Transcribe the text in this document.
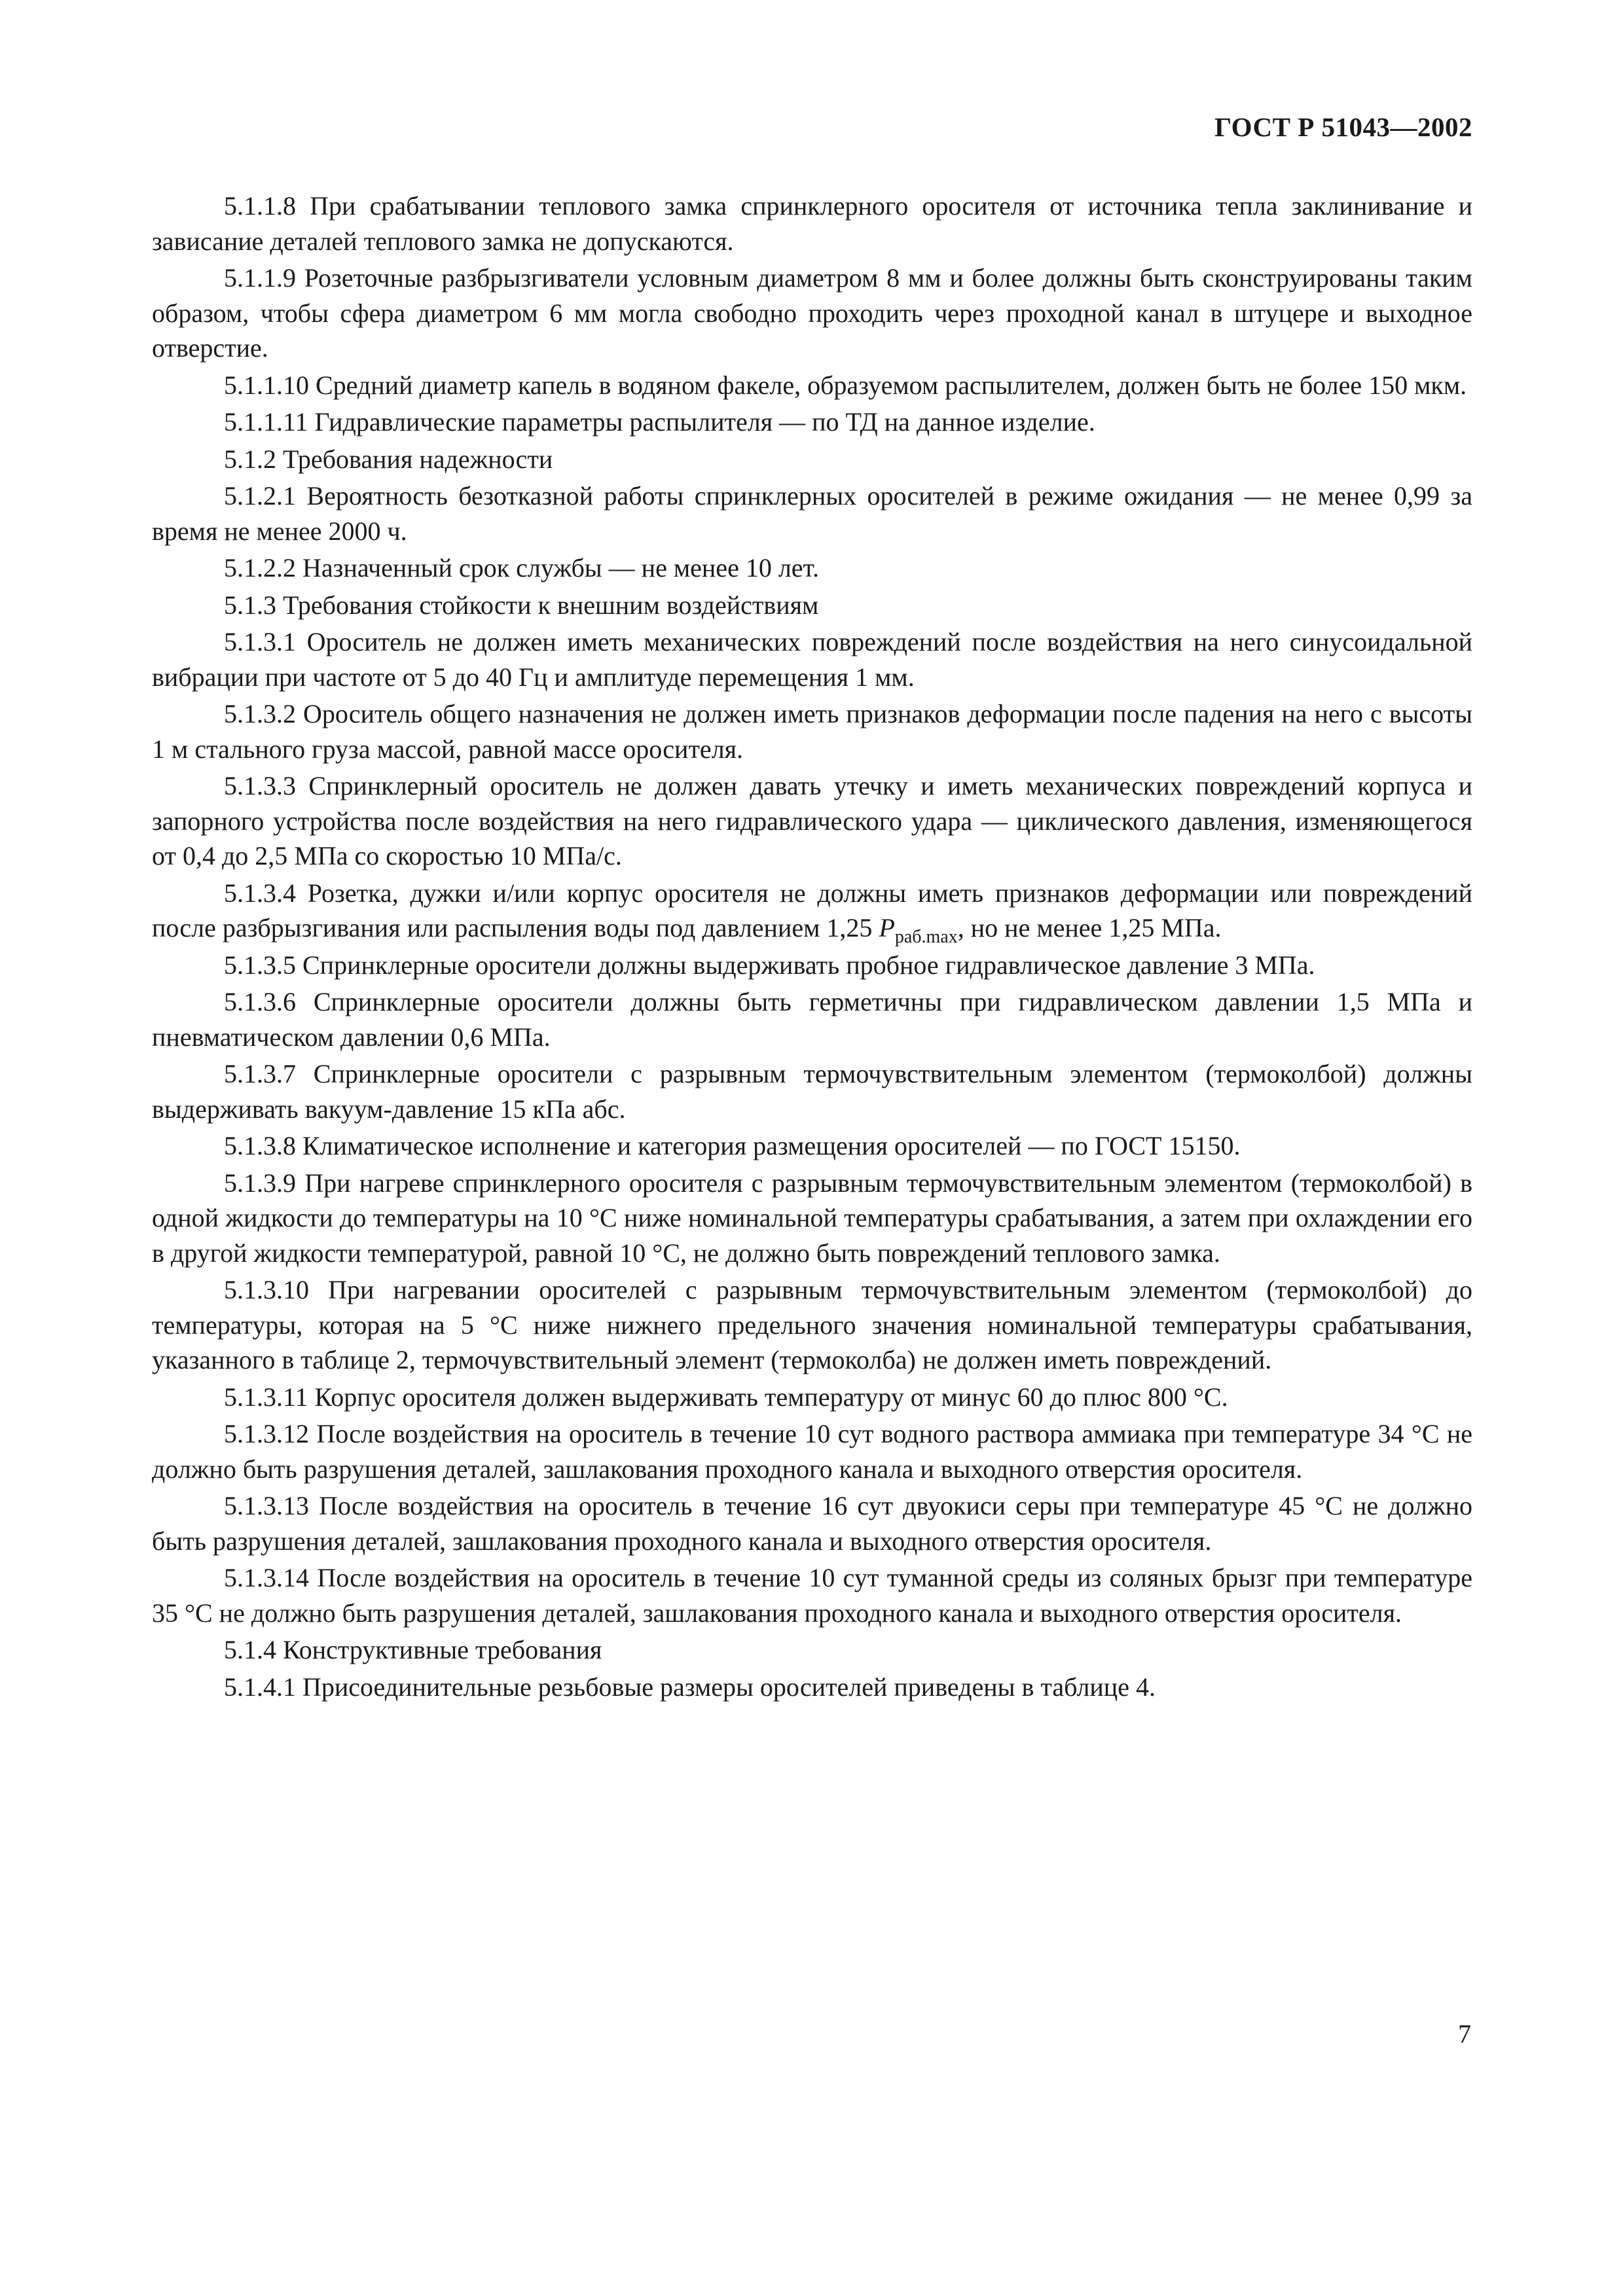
ГОСТ Р 51043—2002

5.1.1.8 При срабатывании теплового замка спринклерного оросителя от источника тепла заклинивание и зависание деталей теплового замка не допускаются.

5.1.1.9 Розеточные разбрызгиватели условным диаметром 8 мм и более должны быть сконструированы таким образом, чтобы сфера диаметром 6 мм могла свободно проходить через проходной канал в штуцере и выходное отверстие.

5.1.1.10 Средний диаметр капель в водяном факеле, образуемом распылителем, должен быть не более 150 мкм.

5.1.1.11 Гидравлические параметры распылителя — по ТД на данное изделие.

5.1.2 Требования надежности

5.1.2.1 Вероятность безотказной работы спринклерных оросителей в режиме ожидания — не менее 0,99 за время не менее 2000 ч.

5.1.2.2 Назначенный срок службы — не менее 10 лет.

5.1.3 Требования стойкости к внешним воздействиям

5.1.3.1 Ороситель не должен иметь механических повреждений после воздействия на него синусоидальной вибрации при частоте от 5 до 40 Гц и амплитуде перемещения 1 мм.

5.1.3.2 Ороситель общего назначения не должен иметь признаков деформации после падения на него с высоты 1 м стального груза массой, равной массе оросителя.

5.1.3.3 Спринклерный ороситель не должен давать утечку и иметь механических повреждений корпуса и запорного устройства после воздействия на него гидравлического удара — циклического давления, изменяющегося от 0,4 до 2,5 МПа со скоростью 10 МПа/с.

5.1.3.4 Розетка, дужки и/или корпус оросителя не должны иметь признаков деформации или повреждений после разбрызгивания или распыления воды под давлением 1,25 $P_{раб.max}$, но не менее 1,25 МПа.

5.1.3.5 Спринклерные оросители должны выдерживать пробное гидравлическое давление 3 МПа.

5.1.3.6 Спринклерные оросители должны быть герметичны при гидравлическом давлении 1,5 МПа и пневматическом давлении 0,6 МПа.

5.1.3.7 Спринклерные оросители с разрывным термочувствительным элементом (термоколбой) должны выдерживать вакуум-давление 15 кПа абс.

5.1.3.8 Климатическое исполнение и категория размещения оросителей — по ГОСТ 15150.

5.1.3.9 При нагреве спринклерного оросителя с разрывным термочувствительным элементом (термоколбой) в одной жидкости до температуры на 10 °С ниже номинальной температуры срабатывания, а затем при охлаждении его в другой жидкости температурой, равной 10 °С, не должно быть повреждений теплового замка.

5.1.3.10 При нагревании оросителей с разрывным термочувствительным элементом (термоколбой) до температуры, которая на 5 °С ниже нижнего предельного значения номинальной температуры срабатывания, указанного в таблице 2, термочувствительный элемент (термоколба) не должен иметь повреждений.

5.1.3.11 Корпус оросителя должен выдерживать температуру от минус 60 до плюс 800 °С.

5.1.3.12 После воздействия на ороситель в течение 10 сут водного раствора аммиака при температуре 34 °С не должно быть разрушения деталей, зашлакования проходного канала и выходного отверстия оросителя.

5.1.3.13 После воздействия на ороситель в течение 16 сут двуокиси серы при температуре 45 °С не должно быть разрушения деталей, зашлакования проходного канала и выходного отверстия оросителя.

5.1.3.14 После воздействия на ороситель в течение 10 сут туманной среды из соляных брызг при температуре 35 °С не должно быть разрушения деталей, зашлакования проходного канала и выходного отверстия оросителя.

5.1.4 Конструктивные требования

5.1.4.1 Присоединительные резьбовые размеры оросителей приведены в таблице 4.

7
